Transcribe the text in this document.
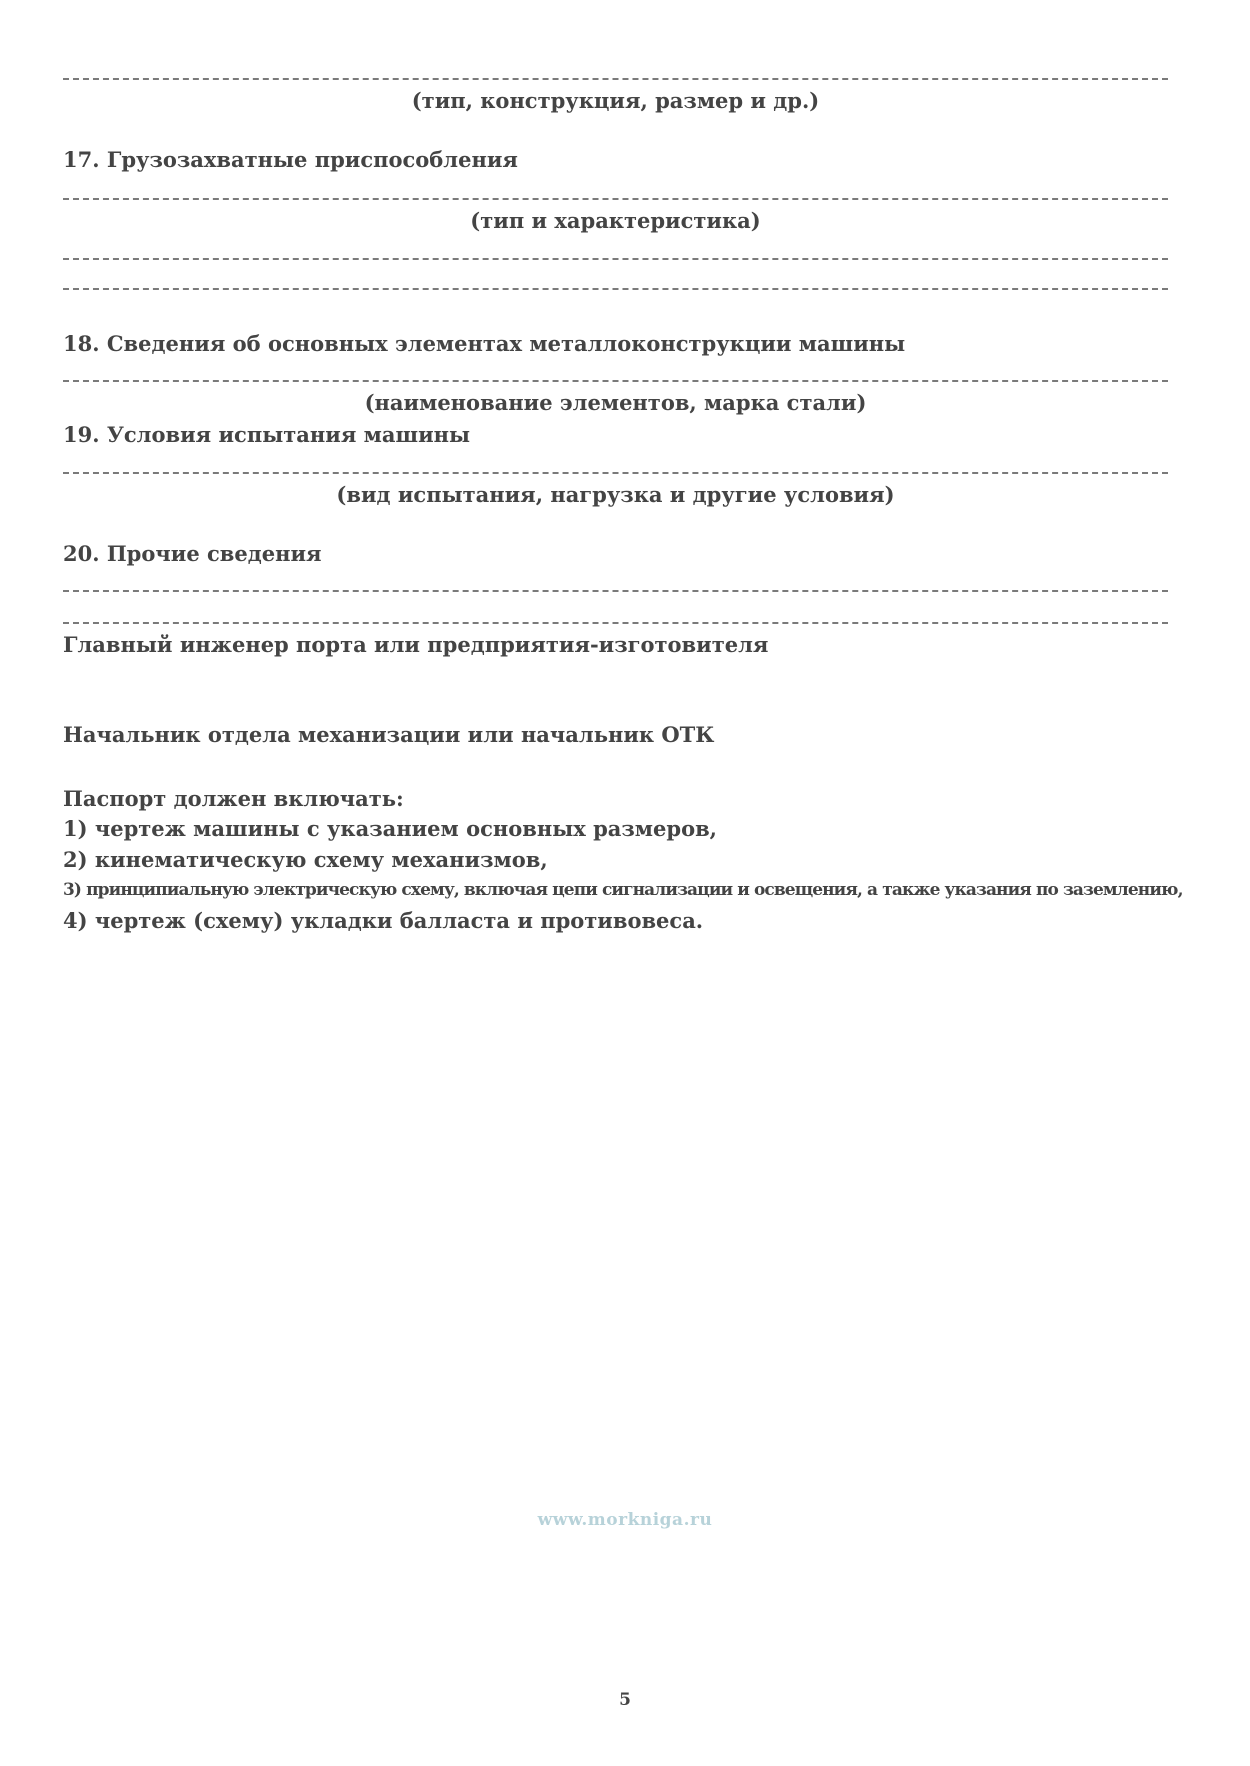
(тип, конструкция, размер и др.)
17. Грузозахватные приспособления
(тип и характеристика)
18. Сведения об основных элементах металлоконструкции машины
(наименование элементов, марка стали)
19. Условия испытания машины
(вид испытания, нагрузка и другие условия)
20. Прочие сведения
Главный инженер порта или предприятия-изготовителя
Начальник отдела механизации или начальник ОТК
Паспорт должен включать:
1) чертеж машины с указанием основных размеров,
2) кинематическую схему механизмов,
3) принципиальную электрическую схему, включая цепи сигнализации и освещения, а также указания по заземлению,
4) чертеж (схему) укладки балласта и противовеса.
www.morkniga.ru
5
